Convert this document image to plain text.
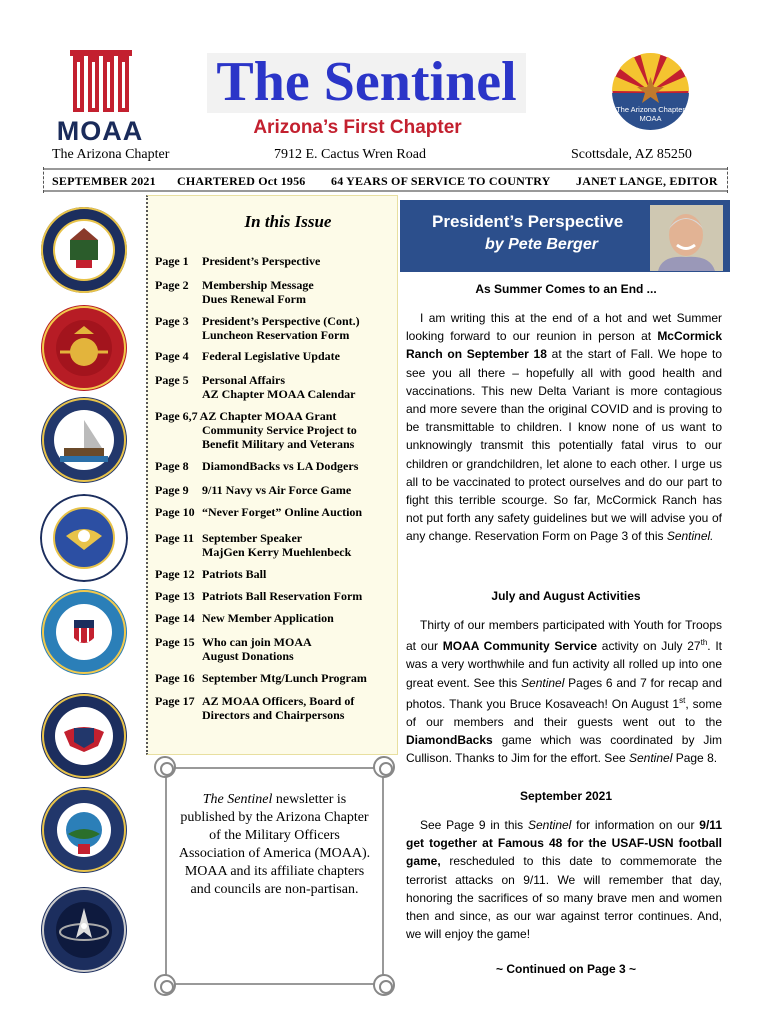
MOAA
The Sentinel
Arizona’s First Chapter
The Arizona Chapter
MOAA
The Arizona Chapter	7912 E. Cactus Wren Road	Scottsdale, AZ 85250
SEPTEMBER 2021 CHARTERED Oct 1956 64 YEARS OF SERVICE TO COUNTRY JANET LANGE, EDITOR
In this Issue
Page 1 President’s Perspective
Page 2 Membership Message
Dues Renewal Form
Page 3 President’s Perspective (Cont.)
Luncheon Reservation Form
Page 4 Federal Legislative Update
Page 5 Personal Affairs
AZ Chapter MOAA Calendar
Page 6,7 AZ Chapter MOAA Grant
Community Service Project to
Benefit Military and Veterans
Page 8 DiamondBacks vs LA Dodgers
Page 9 9/11 Navy vs Air Force Game
Page 10 “Never Forget” Online Auction
Page 11 September Speaker
MajGen Kerry Muehlenbeck
Page 12 Patriots Ball
Page 13 Patriots Ball Reservation Form
Page 14 New Member Application
Page 15 Who can join MOAA
August Donations
Page 16 September Mtg/Lunch Program
Page 17 AZ MOAA Officers, Board of
Directors and Chairpersons
The Sentinel newsletter is published by the Arizona Chapter of the Military Officers Association of America (MOAA). MOAA and its affiliate chapters and councils are non-partisan.
President’s Perspective
by Pete Berger
As Summer Comes to an End ...
I am writing this at the end of a hot and wet Summer looking forward to our reunion in person at McCormick Ranch on September 18 at the start of Fall. We hope to see you all there – hopefully all with good health and vaccinations. This new Delta Variant is more contagious and more severe than the original COVID and is proving to be transmittable to children. I know none of us want to unknowingly transmit this potentially fatal virus to our children or grandchildren, let alone to each other. I urge us all to be vaccinated to protect ourselves and do our part to fight this terrible scourge. So far, McCormick Ranch has not put forth any safety guidelines but we will advise you of any change. Reservation Form on Page 3 of this Sentinel.
July and August Activities
Thirty of our members participated with Youth for Troops at our MOAA Community Service activity on July 27th. It was a very worthwhile and fun activity all rolled up into one great event. See this Sentinel Pages 6 and 7 for recap and photos. Thank you Bruce Kosaveach! On August 1st, some of our members and their guests went out to the DiamondBacks game which was coordinated by Jim Cullison. Thanks to Jim for the effort. See Sentinel Page 8.
September 2021
See Page 9 in this Sentinel for information on our 9/11 get together at Famous 48 for the USAF-USN football game, rescheduled to this date to commemorate the terrorist attacks on 9/11. We will remember that day, honoring the sacrifices of so many brave men and women then and since, as our war against terror continues. And, we will enjoy the game!
~ Continued on Page 3 ~
